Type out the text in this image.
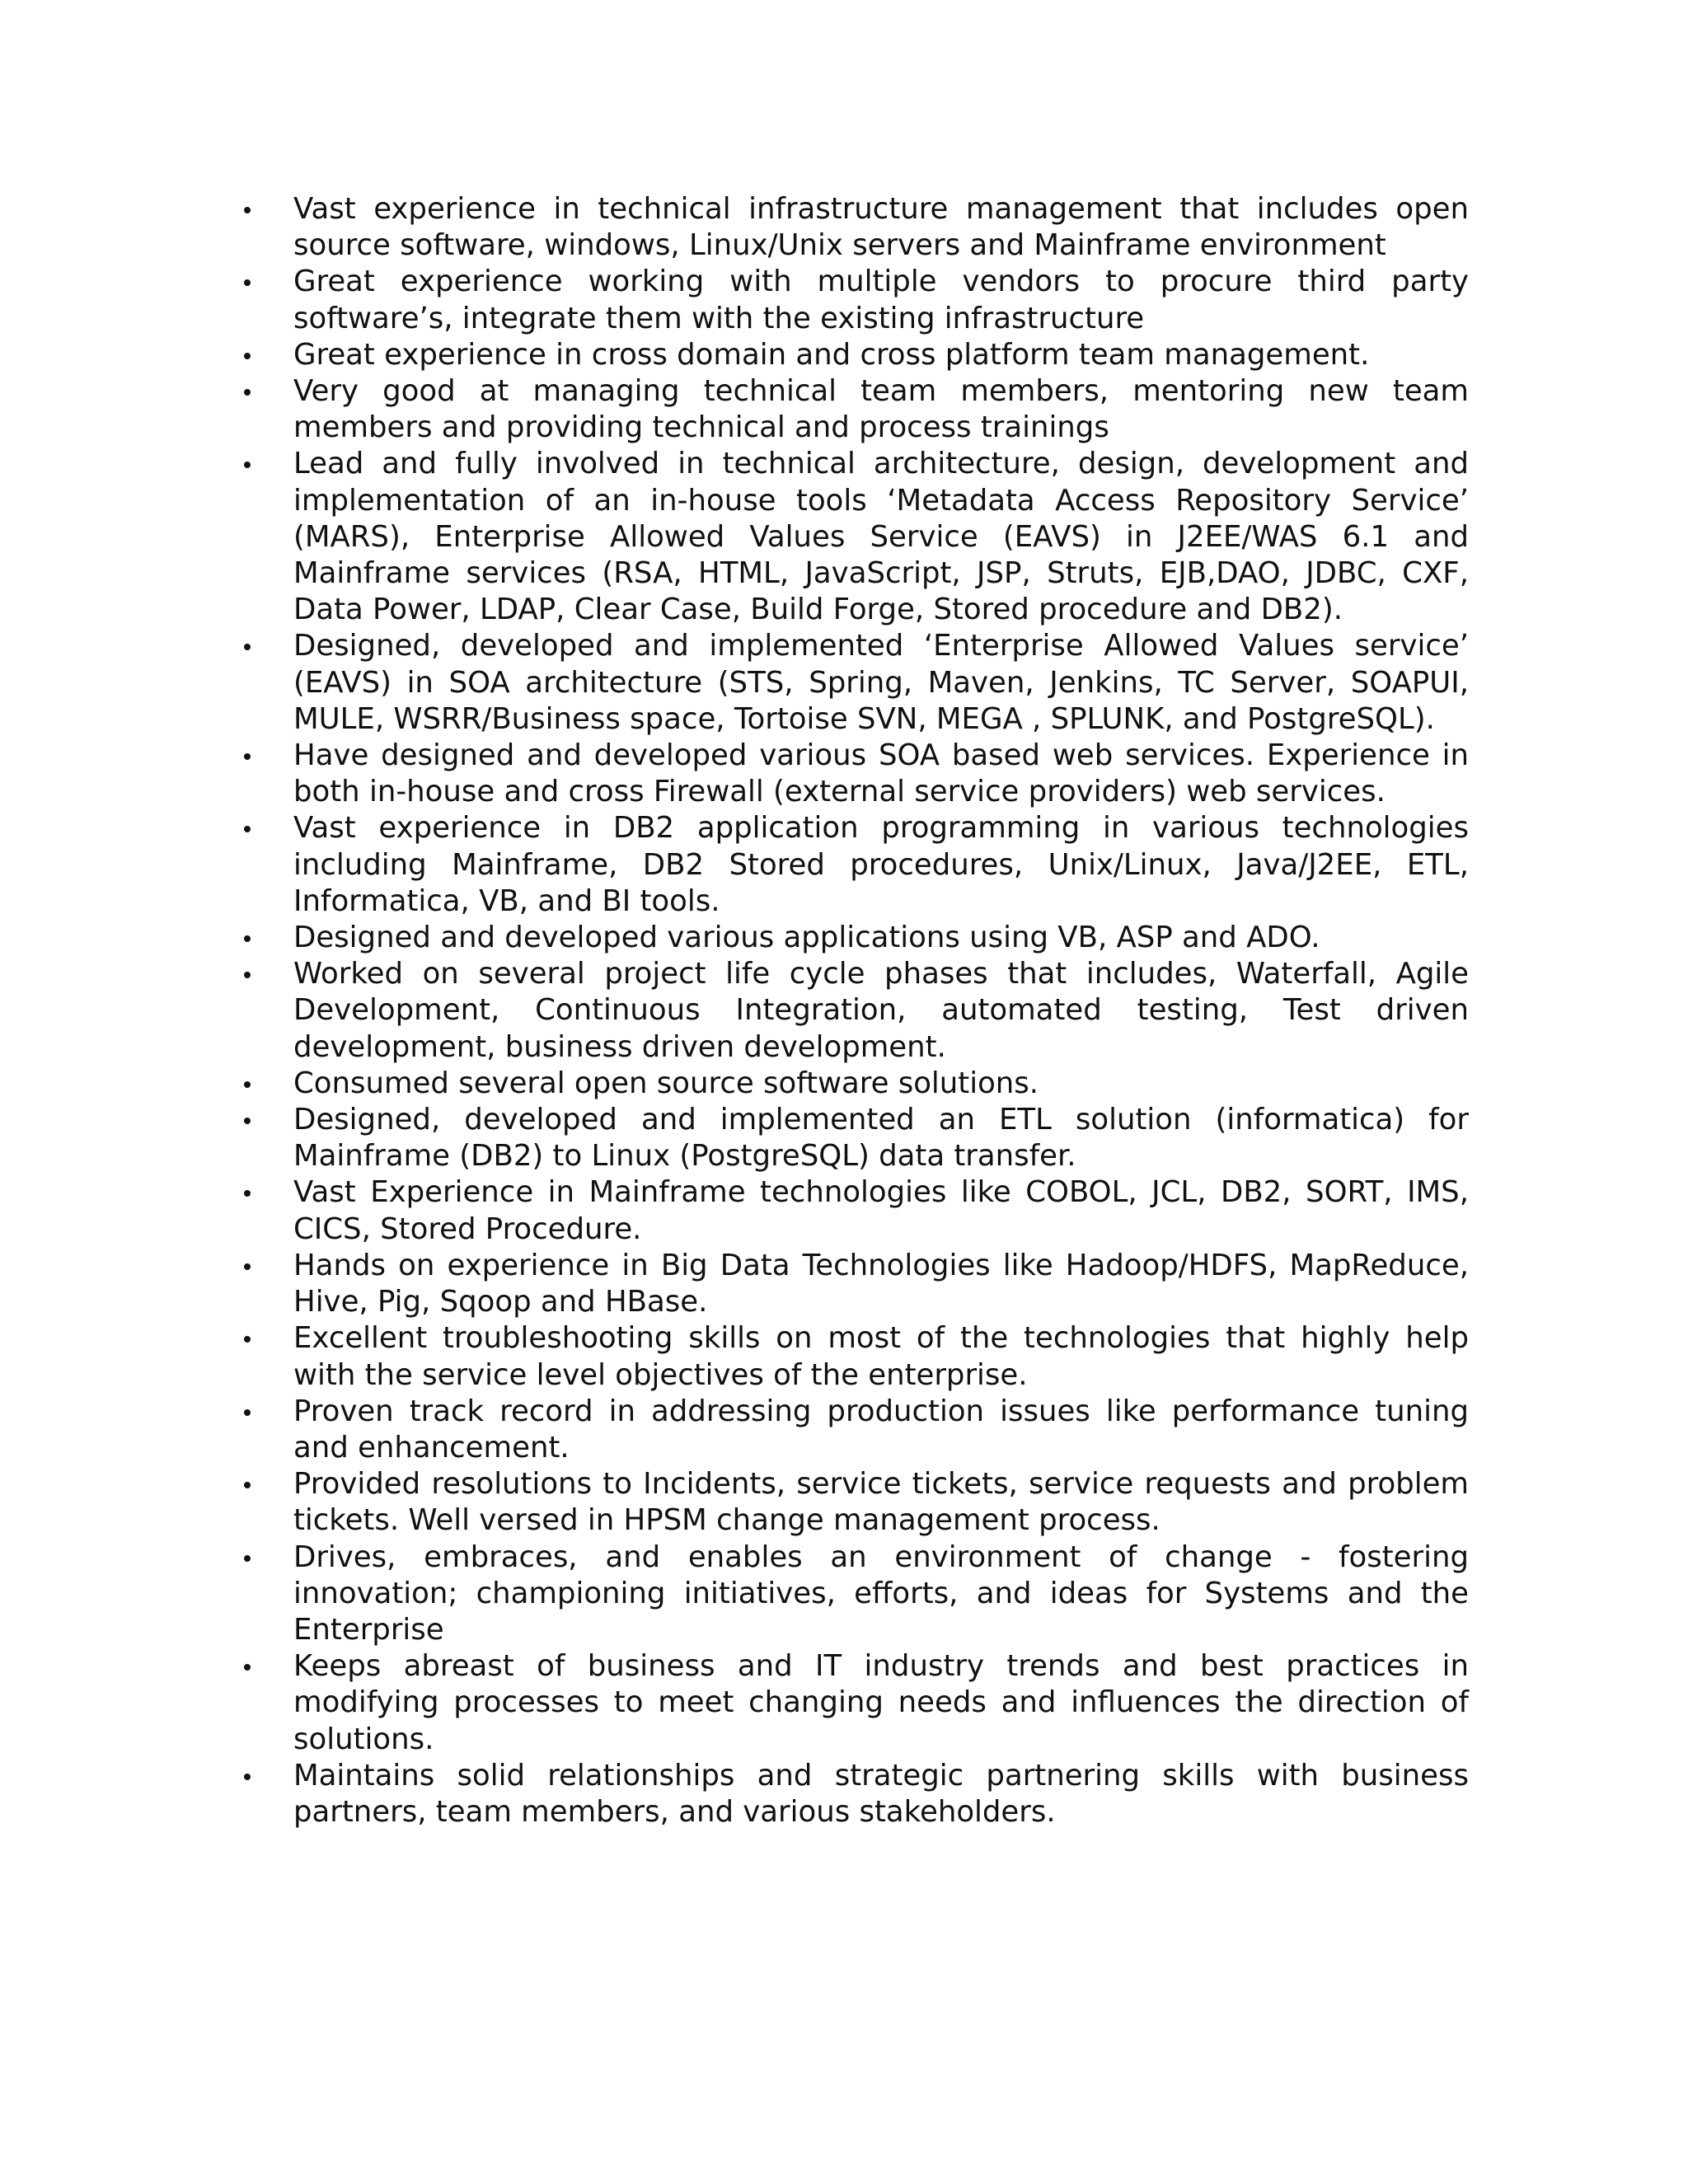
Vast experience in technical infrastructure management that includes open source software, windows, Linux/Unix servers and Mainframe environment
Great experience working with multiple vendors to procure third party software’s, integrate them with the existing infrastructure
Great experience in cross domain and cross platform team management.
Very good at managing technical team members, mentoring new team members and providing technical and process trainings
Lead and fully involved in technical architecture, design, development and implementation of an in-house tools ‘Metadata Access Repository Service’ (MARS), Enterprise Allowed Values Service (EAVS) in J2EE/WAS 6.1 and Mainframe services (RSA, HTML, JavaScript, JSP, Struts, EJB,DAO, JDBC, CXF, Data Power, LDAP, Clear Case, Build Forge, Stored procedure and DB2).
Designed, developed and implemented ‘Enterprise Allowed Values service’ (EAVS) in SOA architecture (STS, Spring, Maven, Jenkins, TC Server, SOAPUI, MULE, WSRR/Business space, Tortoise SVN, MEGA , SPLUNK, and PostgreSQL).
Have designed and developed various SOA based web services. Experience in both in-house and cross Firewall (external service providers) web services.
Vast experience in DB2 application programming in various technologies including Mainframe, DB2 Stored procedures, Unix/Linux, Java/J2EE, ETL, Informatica, VB, and BI tools.
Designed and developed various applications using VB, ASP and ADO.
Worked on several project life cycle phases that includes, Waterfall, Agile Development, Continuous Integration, automated testing, Test driven development, business driven development.
Consumed several open source software solutions.
Designed, developed and implemented an ETL solution (informatica) for Mainframe (DB2) to Linux (PostgreSQL) data transfer.
Vast Experience in Mainframe technologies like COBOL, JCL, DB2, SORT, IMS, CICS, Stored Procedure.
Hands on experience in Big Data Technologies like Hadoop/HDFS, MapReduce, Hive, Pig, Sqoop and HBase.
Excellent troubleshooting skills on most of the technologies that highly help with the service level objectives of the enterprise.
Proven track record in addressing production issues like performance tuning and enhancement.
Provided resolutions to Incidents, service tickets, service requests and problem tickets. Well versed in HPSM change management process.
Drives, embraces, and enables an environment of change - fostering innovation; championing initiatives, efforts, and ideas for Systems and the Enterprise
Keeps abreast of business and IT industry trends and best practices in modifying processes to meet changing needs and influences the direction of solutions.
Maintains solid relationships and strategic partnering skills with business partners, team members, and various stakeholders.
